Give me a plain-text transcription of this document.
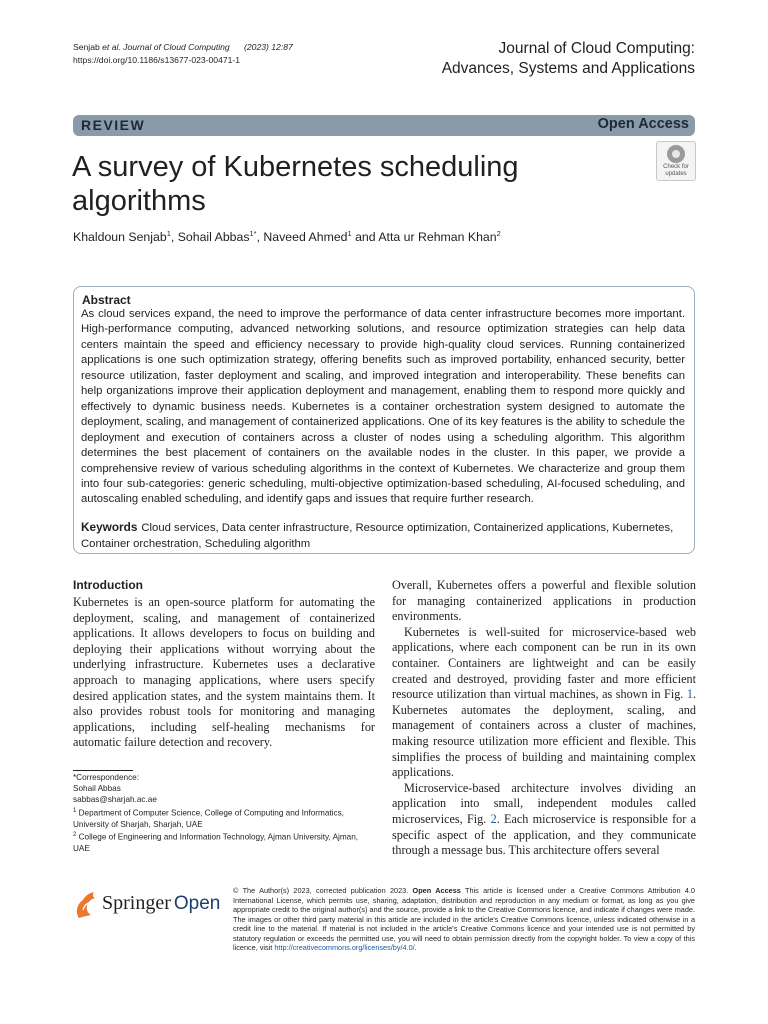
Senjab et al. Journal of Cloud Computing (2023) 12:87
https://doi.org/10.1186/s13677-023-00471-1
Journal of Cloud Computing:
Advances, Systems and Applications
REVIEW	Open Access
A survey of Kubernetes scheduling algorithms
Check for
updates
Khaldoun Senjab$^1$, Sohail Abbas$^{1*}$, Naveed Ahmed$^1$ and Atta ur Rehman Khan$^2$
Abstract
As cloud services expand, the need to improve the performance of data center infrastructure becomes more important. High-performance computing, advanced networking solutions, and resource optimization strategies can help data centers maintain the speed and efficiency necessary to provide high-quality cloud services. Running containerized applications is one such optimization strategy, offering benefits such as improved portability, enhanced security, better resource utilization, faster deployment and scaling, and improved integration and interoperability. These benefits can help organizations improve their application deployment and management, enabling them to respond more quickly and effectively to dynamic business needs. Kubernetes is a container orchestration system designed to automate the deployment, scaling, and management of containerized applications. One of its key features is the ability to schedule the deployment and execution of containers across a cluster of nodes using a scheduling algorithm. This algorithm determines the best placement of containers on the available nodes in the cluster. In this paper, we provide a comprehensive review of various scheduling algorithms in the context of Kubernetes. We characterize and group them into four sub-categories: generic scheduling, multi-objective optimization-based scheduling, AI-focused scheduling, and autoscaling enabled scheduling, and identify gaps and issues that require further research.
Keywords Cloud services, Data center infrastructure, Resource optimization, Containerized applications, Kubernetes, Container orchestration, Scheduling algorithm
Introduction

Kubernetes is an open-source platform for automating the deployment, scaling, and management of containerized applications. It allows developers to focus on building and deploying their applications without worrying about the underlying infrastructure. Kubernetes uses a declarative approach to managing applications, where users specify desired application states, and the system maintains them. It also provides robust tools for monitoring and managing applications, including self-healing mechanisms for automatic failure detection and recovery.

Overall, Kubernetes offers a powerful and flexible solution for managing containerized applications in production environments.

Kubernetes is well-suited for microservice-based web applications, where each component can be run in its own container. Containers are lightweight and can be easily created and destroyed, providing faster and more efficient resource utilization than virtual machines, as shown in Fig. 1. Kubernetes automates the deployment, scaling, and management of containers across a cluster of machines, making resource utilization more efficient and flexible. This simplifies the process of building and maintaining complex applications.

Microservice-based architecture involves dividing an application into small, independent modules called microservices, Fig. 2. Each microservice is responsible for a specific aspect of the application, and they communicate through a message bus. This architecture offers several

*Correspondence:
Sohail Abbas
sabbas@sharjah.ac.ae
$^1$ Department of Computer Science, College of Computing and Informatics, University of Sharjah, Sharjah, UAE
$^2$ College of Engineering and Information Technology, Ajman University, Ajman, UAE
Springer Open
© The Author(s) 2023, corrected publication 2023. Open Access This article is licensed under a Creative Commons Attribution 4.0 International License, which permits use, sharing, adaptation, distribution and reproduction in any medium or format, as long as you give appropriate credit to the original author(s) and the source, provide a link to the Creative Commons licence, and indicate if changes were made. The images or other third party material in this article are included in the article's Creative Commons licence, unless indicated otherwise in a credit line to the material. If material is not included in the article's Creative Commons licence and your intended use is not permitted by statutory regulation or exceeds the permitted use, you will need to obtain permission directly from the copyright holder. To view a copy of this licence, visit http://creativecommons.org/licenses/by/4.0/.
